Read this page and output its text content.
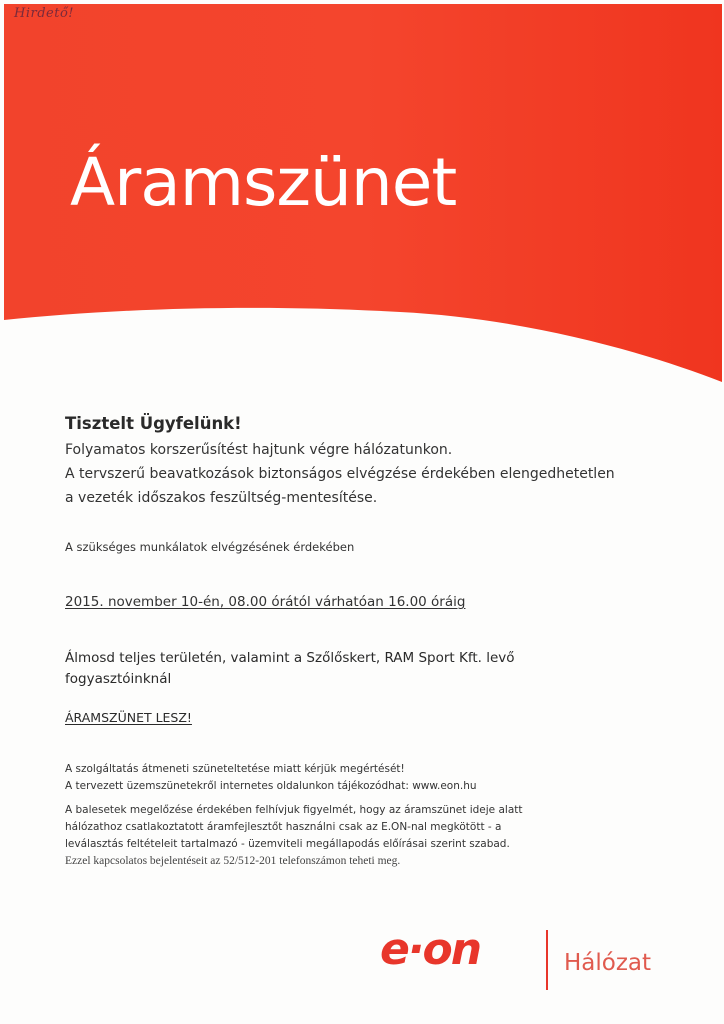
Hirdető!
Áramszünet
Tisztelt Ügyfelünk!
Folyamatos korszerűsítést hajtunk végre hálózatunkon.
A tervszerű beavatkozások biztonságos elvégzése érdekében elengedhetetlen
a vezeték időszakos feszültség-mentesítése.
A szükséges munkálatok elvégzésének érdekében
2015. november 10-én, 08.00 órától várhatóan 16.00 óráig
Álmosd teljes területén, valamint a Szőlőskert, RAM Sport Kft. levő
fogyasztóinknál
ÁRAMSZÜNET LESZ!
A szolgáltatás átmeneti szüneteltetése miatt kérjük megértését!
A tervezett üzemszünetekről internetes oldalunkon tájékozódhat: www.eon.hu
A balesetek megelőzése érdekében felhívjuk figyelmét, hogy az áramszünet ideje alatt
hálózathoz csatlakoztatott áramfejlesztőt használni csak az E.ON-nal megkötött - a
leválasztás feltételeit tartalmazó - üzemviteli megállapodás előírásai szerint szabad.
Ezzel kapcsolatos bejelentéseit az 52/512-201 telefonszámon teheti meg.
e·on	Hálózat
